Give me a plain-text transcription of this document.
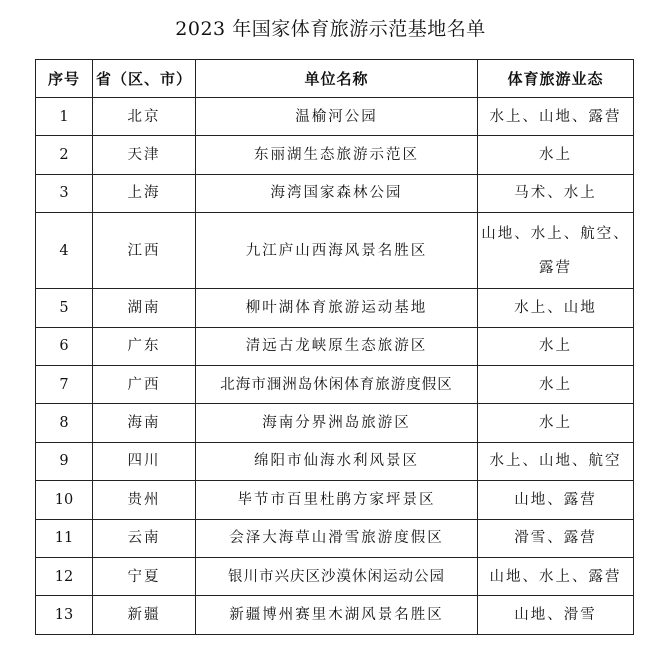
2023 年国家体育旅游示范基地名单
序号	省（区、市）	单位名称	体育旅游业态
1	北京	温榆河公园	水上、山地、露营
2	天津	东丽湖生态旅游示范区	水上
3	上海	海湾国家森林公园	马术、水上
4	江西	九江庐山西海风景名胜区	山地、水上、航空、露营
5	湖南	柳叶湖体育旅游运动基地	水上、山地
6	广东	清远古龙峡原生态旅游区	水上
7	广西	北海市涠洲岛休闲体育旅游度假区	水上
8	海南	海南分界洲岛旅游区	水上
9	四川	绵阳市仙海水利风景区	水上、山地、航空
10	贵州	毕节市百里杜鹃方家坪景区	山地、露营
11	云南	会泽大海草山滑雪旅游度假区	滑雪、露营
12	宁夏	银川市兴庆区沙漠休闲运动公园	山地、水上、露营
13	新疆	新疆博州赛里木湖风景名胜区	山地、滑雪
